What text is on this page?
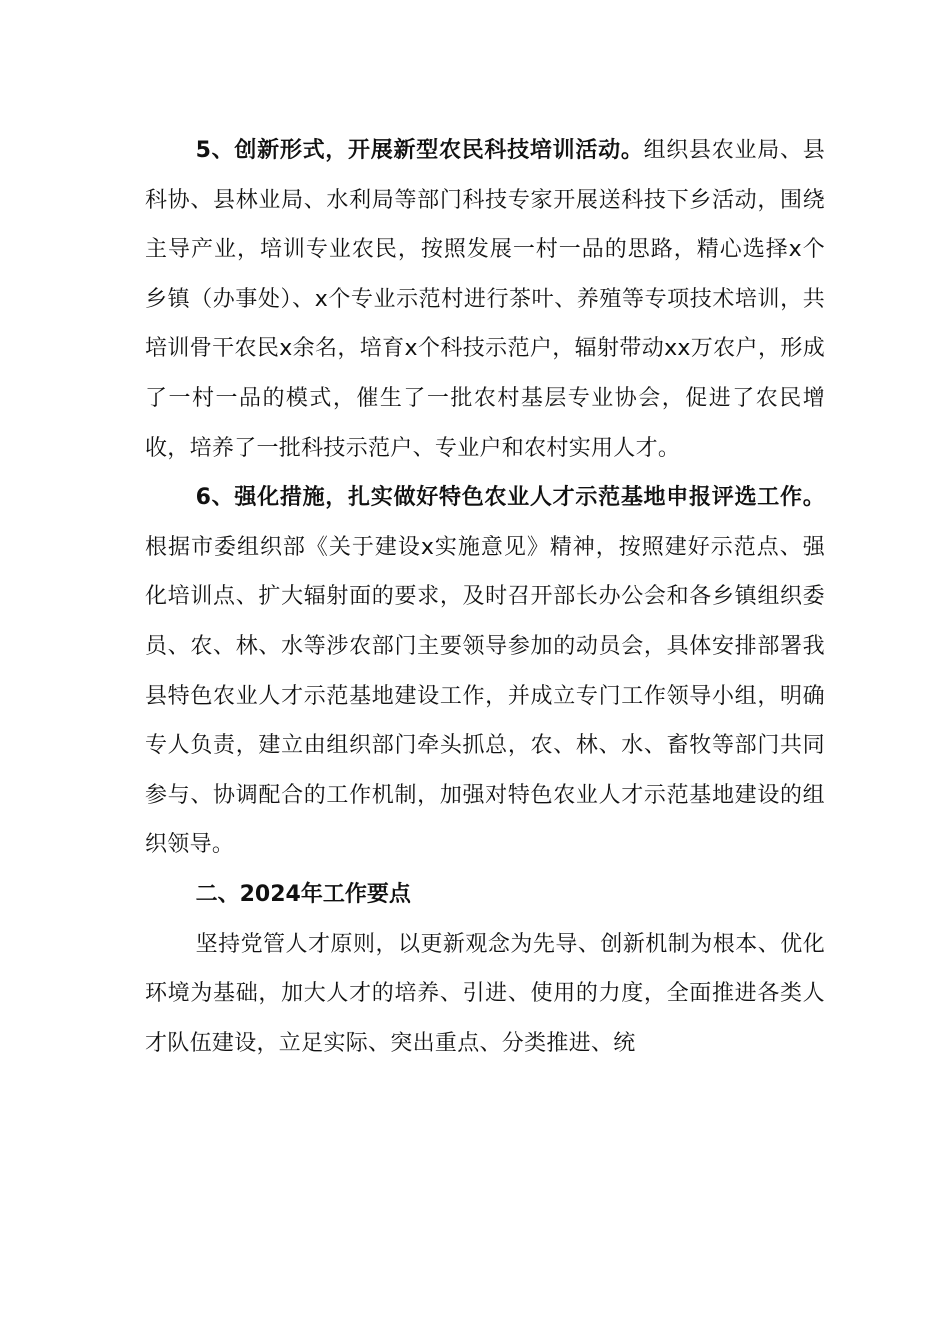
5、创新形式，开展新型农民科技培训活动。组织县农业局、县科协、县林业局、水利局等部门科技专家开展送科技下乡活动，围绕主导产业，培训专业农民，按照发展一村一品的思路，精心选择x个乡镇（办事处）、x个专业示范村进行茶叶、养殖等专项技术培训，共培训骨干农民x余名，培育x个科技示范户，辐射带动xx万农户，形成了一村一品的模式，催生了一批农村基层专业协会，促进了农民增收，培养了一批科技示范户、专业户和农村实用人才。

6、强化措施，扎实做好特色农业人才示范基地申报评选工作。根据市委组织部《关于建设x实施意见》精神，按照建好示范点、强化培训点、扩大辐射面的要求，及时召开部长办公会和各乡镇组织委员、农、林、水等涉农部门主要领导参加的动员会，具体安排部署我县特色农业人才示范基地建设工作，并成立专门工作领导小组，明确专人负责，建立由组织部门牵头抓总，农、林、水、畜牧等部门共同参与、协调配合的工作机制，加强对特色农业人才示范基地建设的组织领导。

二、2024年工作要点

坚持党管人才原则，以更新观念为先导、创新机制为根本、优化环境为基础，加大人才的培养、引进、使用的力度，全面推进各类人才队伍建设，立足实际、突出重点、分类推进、统
